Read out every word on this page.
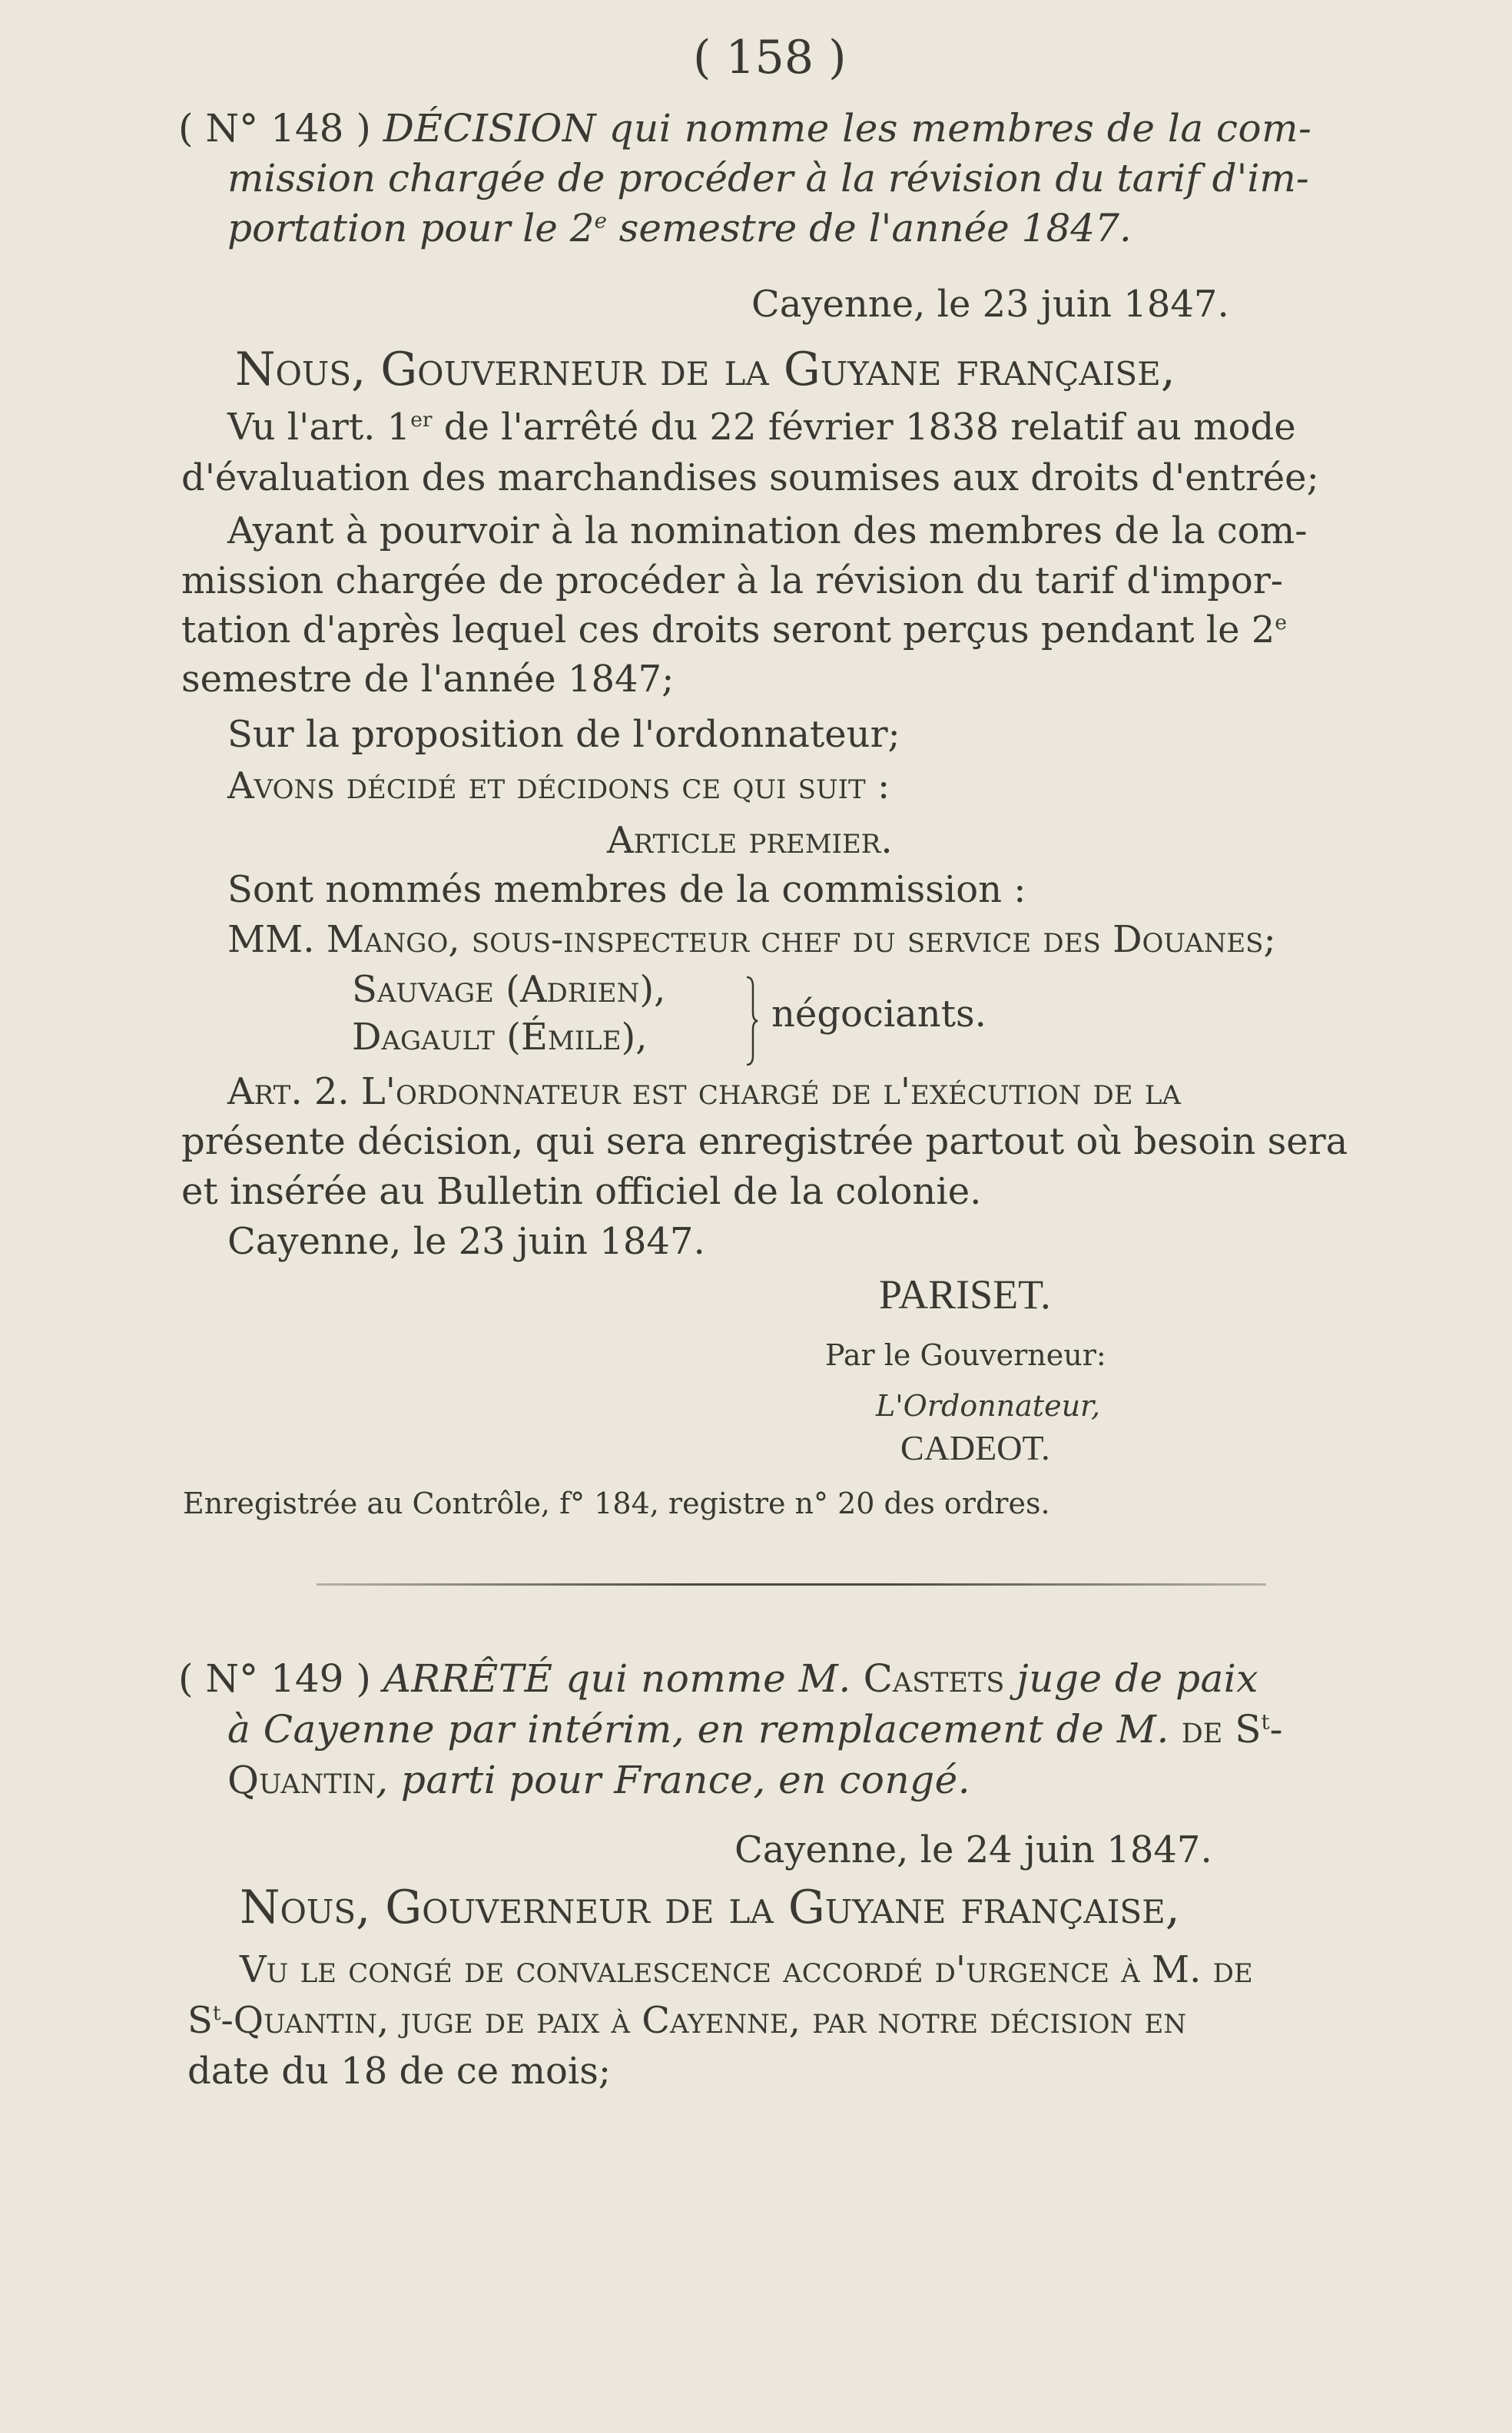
( 158 )
( N° 148 ) DÉCISION qui nomme les membres de la com-
mission chargée de procéder à la révision du tarif d'im-
portation pour le 2e semestre de l'année 1847.
Cayenne, le 23 juin 1847.
Nous, Gouverneur de la Guyane française,
Vu l'art. 1er de l'arrêté du 22 février 1838 relatif au mode
d'évaluation des marchandises soumises aux droits d'entrée;
Ayant à pourvoir à la nomination des membres de la com-
mission chargée de procéder à la révision du tarif d'impor-
tation d'après lequel ces droits seront perçus pendant le 2e
semestre de l'année 1847;
Sur la proposition de l'ordonnateur;
Avons décidé et décidons ce qui suit :
Article premier.
Sont nommés membres de la commission :
MM. Mango, sous-inspecteur chef du service des Douanes;
Sauvage (Adrien),
Dagault (Émile),
négociants.
Art. 2. L'ordonnateur est chargé de l'exécution de la
présente décision, qui sera enregistrée partout où besoin sera
et insérée au Bulletin officiel de la colonie.
Cayenne, le 23 juin 1847.
PARISET.
Par le Gouverneur:
L'Ordonnateur,
CADEOT.
Enregistrée au Contrôle, f° 184, registre n° 20 des ordres.
( N° 149 ) ARRÊTÉ qui nomme M. Castets juge de paix
à Cayenne par intérim, en remplacement de M. de $S^t-$
Quantin, parti pour France, en congé.
Cayenne, le 24 juin 1847.
Nous, Gouverneur de la Guyane française,
Vu le congé de convalescence accordé d'urgence à M. de
$S^t$-Quantin, juge de paix à Cayenne, par notre décision en
date du 18 de ce mois;
